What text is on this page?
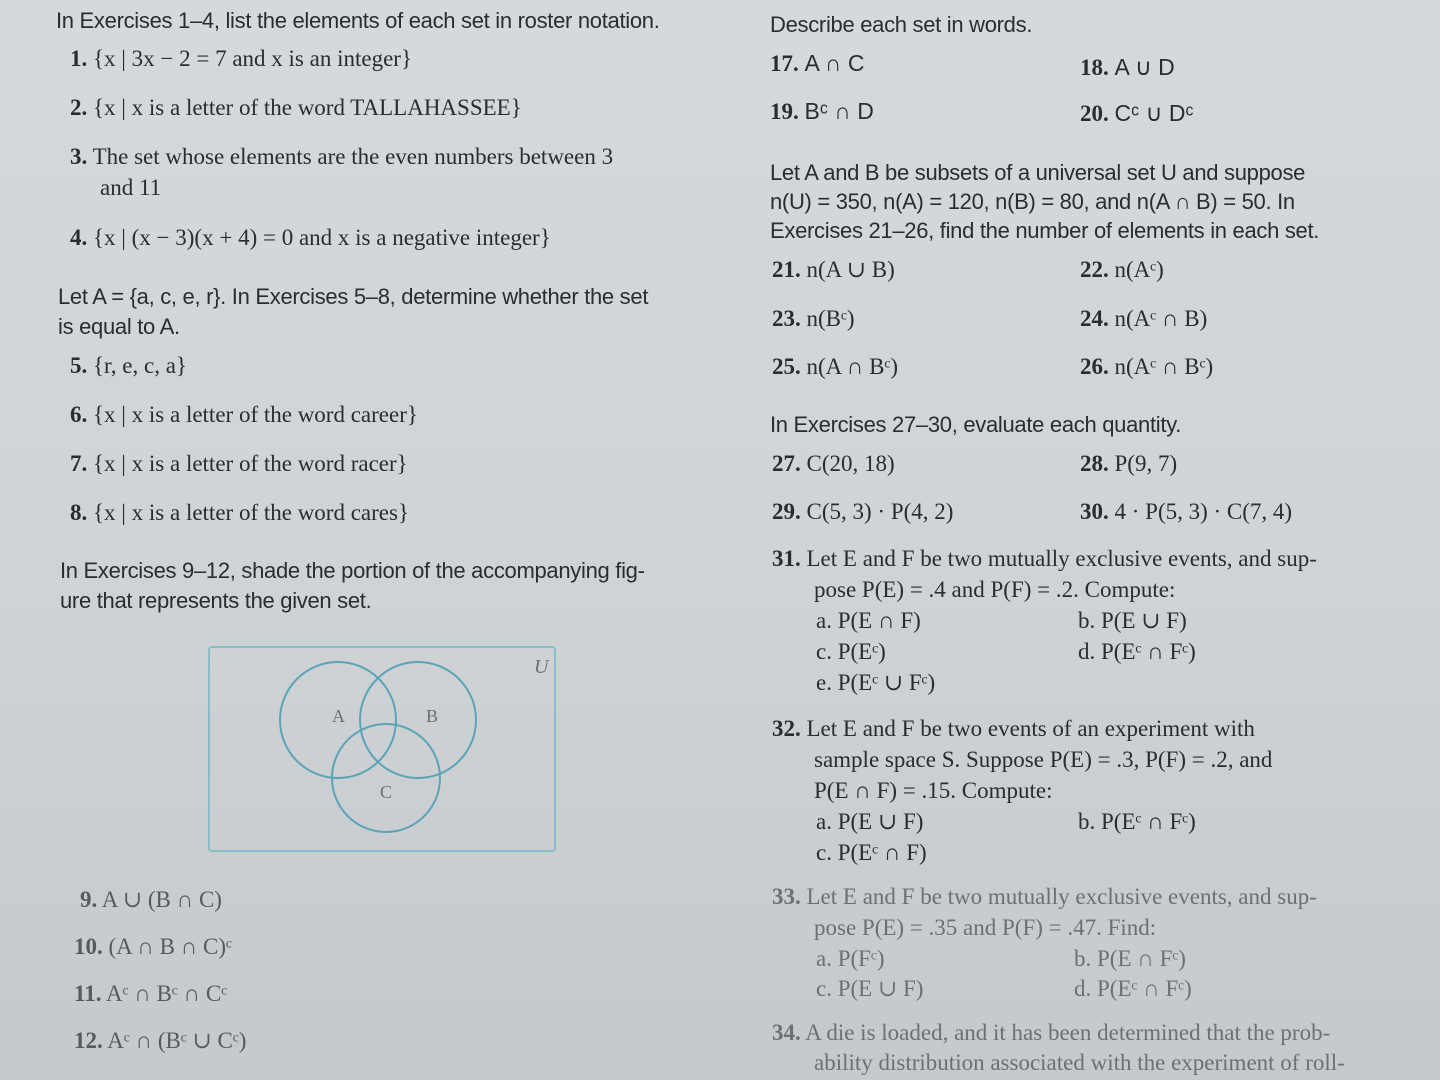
In Exercises 1–4, list the elements of each set in roster notation.
1. {x | 3x − 2 = 7 and x is an integer}
2. {x | x is a letter of the word TALLAHASSEE}
3. The set whose elements are the even numbers between 3
and 11
4. {x | (x − 3)(x + 4) = 0 and x is a negative integer}
Let A = {a, c, e, r}. In Exercises 5–8, determine whether the set
is equal to A.
5. {r, e, c, a}
6. {x | x is a letter of the word career}
7. {x | x is a letter of the word racer}
8. {x | x is a letter of the word cares}
In Exercises 9–12, shade the portion of the accompanying fig-
ure that represents the given set.
U
A	B
C
9. A ∪ (B ∩ C)
10. (A ∩ B ∩ C)ᶜ
11. Aᶜ ∩ Bᶜ ∩ Cᶜ
12. Aᶜ ∩ (Bᶜ ∪ Cᶜ)
Describe each set in words.
17. A ∩ C	18. A ∪ D
19. Bᶜ ∩ D	20. Cᶜ ∪ Dᶜ
Let A and B be subsets of a universal set U and suppose
n(U) = 350, n(A) = 120, n(B) = 80, and n(A ∩ B) = 50. In
Exercises 21–26, find the number of elements in each set.
21. n(A ∪ B)	22. n(Aᶜ)
23. n(Bᶜ)	24. n(Aᶜ ∩ B)
25. n(A ∩ Bᶜ)	26. n(Aᶜ ∩ Bᶜ)
In Exercises 27–30, evaluate each quantity.
27. C(20, 18)	28. P(9, 7)
29. C(5, 3) · P(4, 2)	30. 4 · P(5, 3) · C(7, 4)
31. Let E and F be two mutually exclusive events, and sup-
pose P(E) = .4 and P(F) = .2. Compute:
a. P(E ∩ F)	b. P(E ∪ F)
c. P(Eᶜ)	d. P(Eᶜ ∩ Fᶜ)
e. P(Eᶜ ∪ Fᶜ)
32. Let E and F be two events of an experiment with
sample space S. Suppose P(E) = .3, P(F) = .2, and
P(E ∩ F) = .15. Compute:
a. P(E ∪ F)	b. P(Eᶜ ∩ Fᶜ)
c. P(Eᶜ ∩ F)
33. Let E and F be two mutually exclusive events, and sup-
pose P(E) = .35 and P(F) = .47. Find:
a. P(Fᶜ)	b. P(E ∩ Fᶜ)
c. P(E ∪ F)	d. P(Eᶜ ∩ Fᶜ)
34. A die is loaded, and it has been determined that the prob-
ability distribution associated with the experiment of roll-
